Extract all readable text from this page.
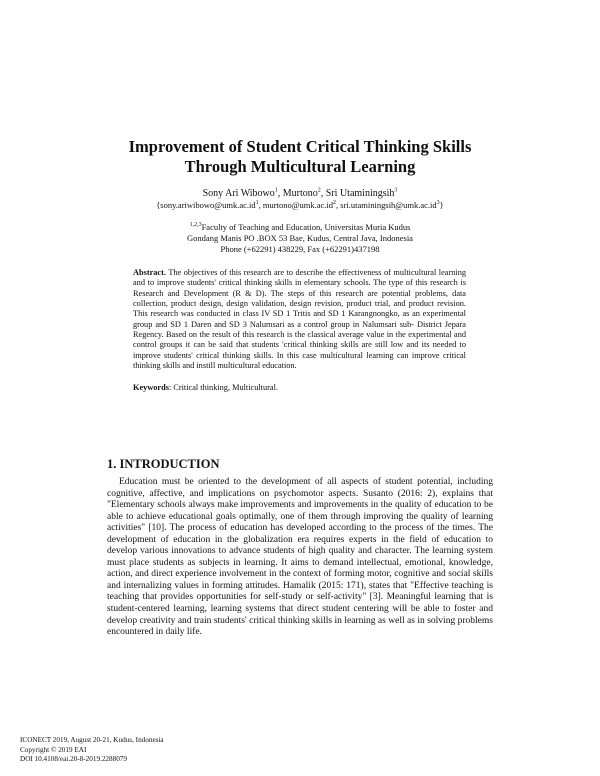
Improvement of Student Critical Thinking Skills
Through Multicultural Learning
Sony Ari Wibowo$^1$, Murtono$^2$, Sri Utaminingsih$^3$
{$sony.ariwibowo@umk.ac.id^1$, $murtono@umk.ac.id^2$, $sri.utaminingsih@umk.ac.id^3$}
$^{1,2,3}$Faculty of Teaching and Education, Universitas Muria Kudus
Gondang Manis PO .BOX 53 Bae, Kudus, Central Java, Indonesia
Phone (+62291) 438229, Fax (+62291)437198
Abstract. The objectives of this research are to describe the effectiveness of multicultural learning and to improve students' critical thinking skills in elementary schools. The type of this research is Research and Development (R & D). The steps of this research are potential problems, data collection, product design, design validation, design revision, product trial, and product revision. This research was conducted in class IV SD 1 Tritis and SD 1 Karangnongko, as an experimental group and SD 1 Daren and SD 3 Nalumsari as a control group in Nalumsari sub- District Jepara Regency. Based on the result of this research is the classical average value in the experimental and control groups it can be said that students 'critical thinking skills are still low and its needed to improve students' critical thinking skills. In this case multicultural learning can improve critical thinking skills and instill multicultural education.
Keywords: Critical thinking, Multicultural.
1. INTRODUCTION
Education must be oriented to the development of all aspects of student potential, including cognitive, affective, and implications on psychomotor aspects. Susanto (2016: 2), explains that "Elementary schools always make improvements and improvements in the quality of education to be able to achieve educational goals optimally, one of them through improving the quality of learning activities" [10]. The process of education has developed according to the process of the times. The development of education in the globalization era requires experts in the field of education to develop various innovations to advance students of high quality and character. The learning system must place students as subjects in learning. It aims to demand intellectual, emotional, knowledge, action, and direct experience involvement in the context of forming motor, cognitive and social skills and internalizing values in forming attitudes. Hamalik (2015: 171), states that "Effective teaching is teaching that provides opportunities for self-study or self-activity" [3]. Meaningful learning that is student-centered learning, learning systems that direct student centering will be able to foster and develop creativity and train students' critical thinking skills in learning as well as in solving problems encountered in daily life.
ICONECT 2019, August 20-21, Kudus, Indonesia
Copyright © 2019 EAI
DOI 10.4108/eai.20-8-2019.2288079
